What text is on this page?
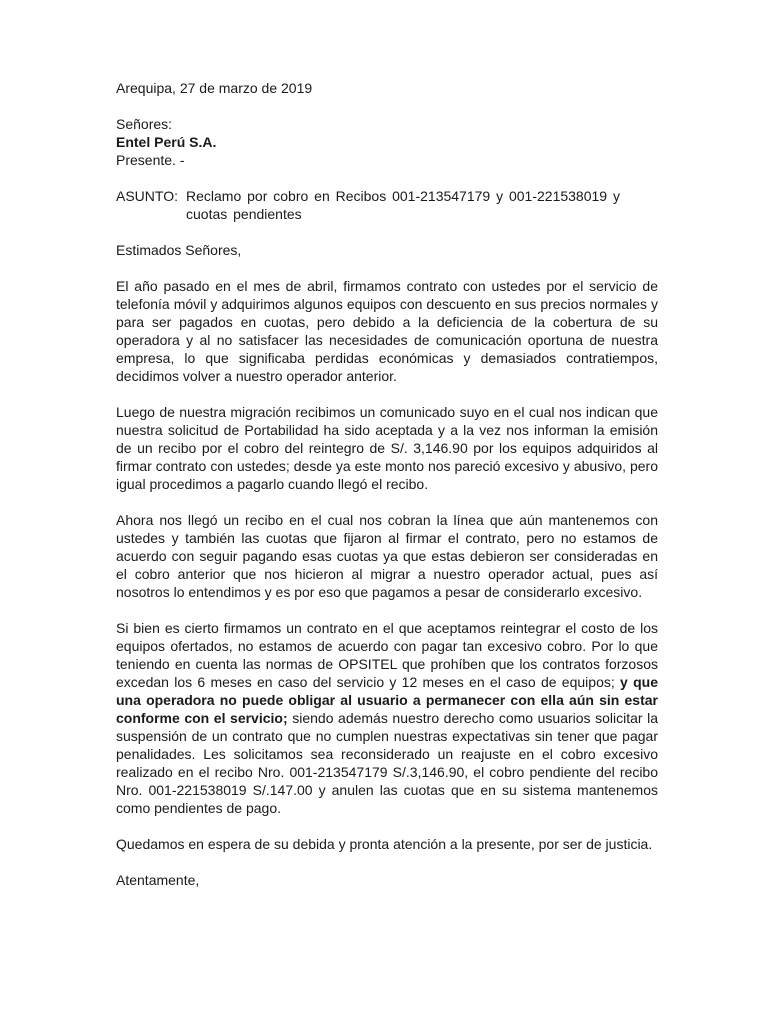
Arequipa, 27 de marzo de 2019

Señores:

Entel Perú S.A.

Presente. -

ASUNTO: Reclamo por cobro en Recibos 001-213547179 y 001-221538019 y
cuotas pendientes

Estimados Señores,

El año pasado en el mes de abril, firmamos contrato con ustedes por el servicio de telefonía móvil y adquirimos algunos equipos con descuento en sus precios normales y para ser pagados en cuotas, pero debido a la deficiencia de la cobertura de su operadora y al no satisfacer las necesidades de comunicación oportuna de nuestra empresa, lo que significaba perdidas económicas y demasiados contratiempos, decidimos volver a nuestro operador anterior.

Luego de nuestra migración recibimos un comunicado suyo en el cual nos indican que nuestra solicitud de Portabilidad ha sido aceptada y a la vez nos informan la emisión de un recibo por el cobro del reintegro de S/. 3,146.90 por los equipos adquiridos al firmar contrato con ustedes; desde ya este monto nos pareció excesivo y abusivo, pero igual procedimos a pagarlo cuando llegó el recibo.

Ahora nos llegó un recibo en el cual nos cobran la línea que aún mantenemos con ustedes y también las cuotas que fijaron al firmar el contrato, pero no estamos de acuerdo con seguir pagando esas cuotas ya que estas debieron ser consideradas en el cobro anterior que nos hicieron al migrar a nuestro operador actual, pues así nosotros lo entendimos y es por eso que pagamos a pesar de considerarlo excesivo.

Si bien es cierto firmamos un contrato en el que aceptamos reintegrar el costo de los equipos ofertados, no estamos de acuerdo con pagar tan excesivo cobro. Por lo que teniendo en cuenta las normas de OPSITEL que prohíben que los contratos forzosos excedan los 6 meses en caso del servicio y 12 meses en el caso de equipos; y que una operadora no puede obligar al usuario a permanecer con ella aún sin estar conforme con el servicio; siendo además nuestro derecho como usuarios solicitar la suspensión de un contrato que no cumplen nuestras expectativas sin tener que pagar penalidades. Les solicitamos sea reconsiderado un reajuste en el cobro excesivo realizado en el recibo Nro. 001-213547179 S/.3,146.90, el cobro pendiente del recibo Nro. 001-221538019 S/.147.00 y anulen las cuotas que en su sistema mantenemos como pendientes de pago.

Quedamos en espera de su debida y pronta atención a la presente, por ser de justicia.

Atentamente,
